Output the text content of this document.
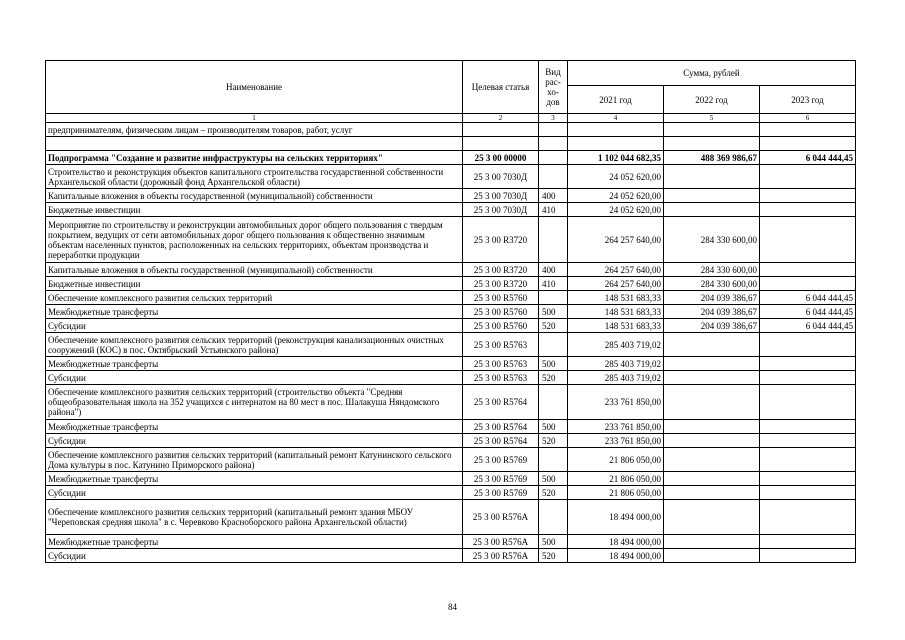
Наименование	Целевая статья	Вид рас-хо-дов	Сумма, рублей		
			2021 год	2022 год	2023 год
1	2	3	4	5	6
предпринимателям, физическим лицам – производителям товаров, работ, услуг					

Подпрограмма "Создание и развитие инфраструктуры на сельских территориях"	25 3 00 00000		1 102 044 682,35	488 369 986,67	6 044 444,45
Строительство и реконструкция объектов капитального строительства государственной собственности Архангельской области (дорожный фонд Архангельской области)	25 3 00 7030Д		24 052 620,00		
Капитальные вложения в объекты государственной (муниципальной) собственности	25 3 00 7030Д	400	24 052 620,00		
Бюджетные инвестиции	25 3 00 7030Д	410	24 052 620,00		
Мероприятие по строительству и реконструкции автомобильных дорог общего пользования с твердым покрытием, ведущих от сети автомобильных дорог общего пользования к общественно значимым объектам населенных пунктов, расположенных на сельских территориях, объектам производства и переработки продукции	25 3 00 R3720		264 257 640,00	284 330 600,00	
Капитальные вложения в объекты государственной (муниципальной) собственности	25 3 00 R3720	400	264 257 640,00	284 330 600,00	
Бюджетные инвестиции	25 3 00 R3720	410	264 257 640,00	284 330 600,00	
Обеспечение комплексного развития сельских территорий	25 3 00 R5760		148 531 683,33	204 039 386,67	6 044 444,45
Межбюджетные трансферты	25 3 00 R5760	500	148 531 683,33	204 039 386,67	6 044 444,45
Субсидии	25 3 00 R5760	520	148 531 683,33	204 039 386,67	6 044 444,45
Обеспечение комплексного развития сельских территорий (реконструкция канализационных очистных сооружений (КОС) в пос. Октябрьский Устьянского района)	25 3 00 R5763		285 403 719,02		
Межбюджетные трансферты	25 3 00 R5763	500	285 403 719,02		
Субсидии	25 3 00 R5763	520	285 403 719,02		
Обеспечение комплексного развития сельских территорий (строительство объекта "Средняя общеобразовательная школа на 352 учащихся с интернатом на 80 мест в пос. Шалакуша Няндомского района")	25 3 00 R5764		233 761 850,00		
Межбюджетные трансферты	25 3 00 R5764	500	233 761 850,00		
Субсидии	25 3 00 R5764	520	233 761 850,00		
Обеспечение комплексного развития сельских территорий (капитальный ремонт Катунинского сельского Дома культуры в пос. Катунино Приморского района)	25 3 00 R5769		21 806 050,00		
Межбюджетные трансферты	25 3 00 R5769	500	21 806 050,00		
Субсидии	25 3 00 R5769	520	21 806 050,00		
Обеспечение комплексного развития сельских территорий (капитальный ремонт здания МБОУ "Череповская средняя школа" в с. Черевково Красноборского района Архангельской области)	25 3 00 R576A		18 494 000,00		
Межбюджетные трансферты	25 3 00 R576A	500	18 494 000,00		
Субсидии	25 3 00 R576A	520	18 494 000,00		
84
